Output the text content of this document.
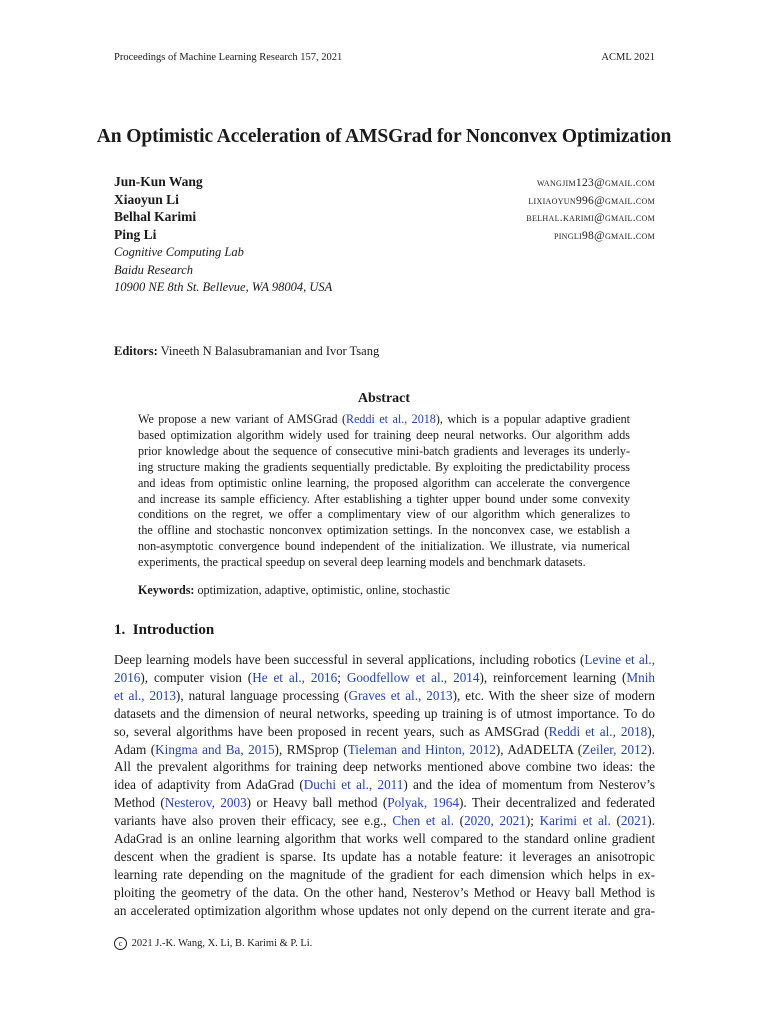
Proceedings of Machine Learning Research 157, 2021	ACML 2021
An Optimistic Acceleration of AMSGrad for Nonconvex Optimization
Jun-Kun Wang	wangjim123@gmail.com
Xiaoyun Li	lixiaoyun996@gmail.com
Belhal Karimi	belhal.karimi@gmail.com
Ping Li	pingli98@gmail.com
Cognitive Computing Lab
Baidu Research
10900 NE 8th St. Bellevue, WA 98004, USA
Editors: Vineeth N Balasubramanian and Ivor Tsang
Abstract
We propose a new variant of AMSGrad (Reddi et al., 2018), which is a popular adaptive gradient
based optimization algorithm widely used for training deep neural networks. Our algorithm adds
prior knowledge about the sequence of consecutive mini-batch gradients and leverages its underly-
ing structure making the gradients sequentially predictable. By exploiting the predictability process
and ideas from optimistic online learning, the proposed algorithm can accelerate the convergence
and increase its sample efficiency. After establishing a tighter upper bound under some convexity
conditions on the regret, we offer a complimentary view of our algorithm which generalizes to
the offline and stochastic nonconvex optimization settings. In the nonconvex case, we establish a
non-asymptotic convergence bound independent of the initialization. We illustrate, via numerical
experiments, the practical speedup on several deep learning models and benchmark datasets.
Keywords: optimization, adaptive, optimistic, online, stochastic
1. Introduction
Deep learning models have been successful in several applications, including robotics (Levine et al.,
2016), computer vision (He et al., 2016; Goodfellow et al., 2014), reinforcement learning (Mnih
et al., 2013), natural language processing (Graves et al., 2013), etc. With the sheer size of modern
datasets and the dimension of neural networks, speeding up training is of utmost importance. To do
so, several algorithms have been proposed in recent years, such as AMSGrad (Reddi et al., 2018),
Adam (Kingma and Ba, 2015), RMSprop (Tieleman and Hinton, 2012), AdADELTA (Zeiler, 2012).
All the prevalent algorithms for training deep networks mentioned above combine two ideas: the
idea of adaptivity from AdaGrad (Duchi et al., 2011) and the idea of momentum from Nesterov’s
Method (Nesterov, 2003) or Heavy ball method (Polyak, 1964). Their decentralized and federated
variants have also proven their efficacy, see e.g., Chen et al. (2020, 2021); Karimi et al. (2021).
AdaGrad is an online learning algorithm that works well compared to the standard online gradient
descent when the gradient is sparse. Its update has a notable feature: it leverages an anisotropic
learning rate depending on the magnitude of the gradient for each dimension which helps in ex-
ploiting the geometry of the data. On the other hand, Nesterov’s Method or Heavy ball Method is
an accelerated optimization algorithm whose updates not only depend on the current iterate and gra-
c 2021 J.-K. Wang, X. Li, B. Karimi & P. Li.
